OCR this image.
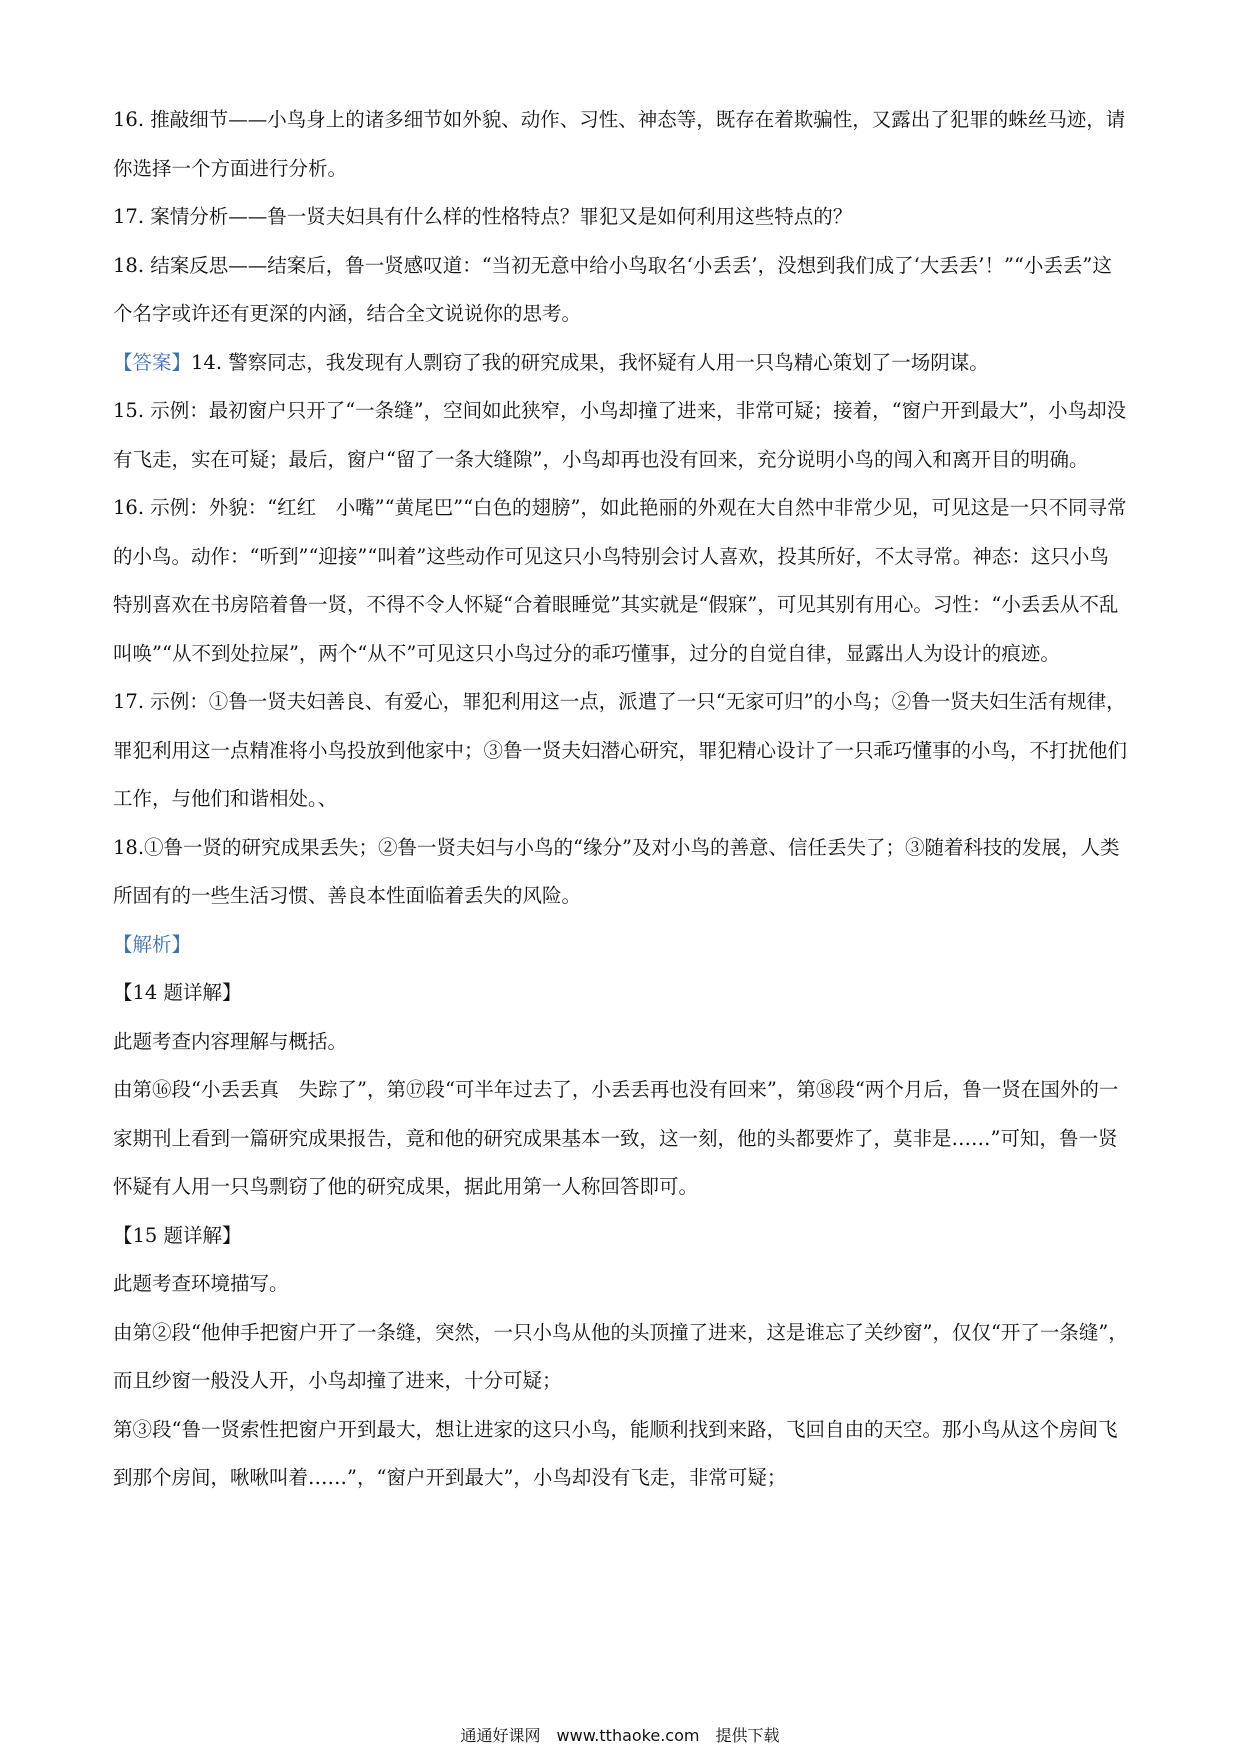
16. 推敲细节——小鸟身上的诸多细节如外貌、动作、习性、神态等，既存在着欺骗性，又露出了犯罪的蛛丝马迹，请你选择一个方面进行分析。

17. 案情分析——鲁一贤夫妇具有什么样的性格特点？罪犯又是如何利用这些特点的？

18. 结案反思——结案后，鲁一贤感叹道：“当初无意中给小鸟取名‘小丢丢’，没想到我们成了‘大丢丢’！”“小丢丢”这个名字或许还有更深的内涵，结合全文说说你的思考。

【答案】14. 警察同志，我发现有人剽窃了我的研究成果，我怀疑有人用一只鸟精心策划了一场阴谋。

15. 示例：最初窗户只开了“一条缝”，空间如此狭窄，小鸟却撞了进来，非常可疑；接着，“窗户开到最大”，小鸟却没有飞走，实在可疑；最后，窗户“留了一条大缝隙”，小鸟却再也没有回来，充分说明小鸟的闯入和离开目的明确。

16. 示例：外貌：“红红　小嘴”“黄尾巴”“白色的翅膀”，如此艳丽的外观在大自然中非常少见，可见这是一只不同寻常的小鸟。动作：“听到”“迎接”“叫着”这些动作可见这只小鸟特别会讨人喜欢，投其所好，不太寻常。神态：这只小鸟特别喜欢在书房陪着鲁一贤，不得不令人怀疑“合着眼睡觉”其实就是“假寐”，可见其别有用心。习性：“小丢丢从不乱叫唤”“从不到处拉屎”，两个“从不”可见这只小鸟过分的乖巧懂事，过分的自觉自律，显露出人为设计的痕迹。

17. 示例：①鲁一贤夫妇善良、有爱心，罪犯利用这一点，派遣了一只“无家可归”的小鸟；②鲁一贤夫妇生活有规律，罪犯利用这一点精准将小鸟投放到他家中；③鲁一贤夫妇潜心研究，罪犯精心设计了一只乖巧懂事的小鸟，不打扰他们工作，与他们和谐相处。、

18.①鲁一贤的研究成果丢失；②鲁一贤夫妇与小鸟的“缘分”及对小鸟的善意、信任丢失了；③随着科技的发展，人类所固有的一些生活习惯、善良本性面临着丢失的风险。

【解析】

【14 题详解】

此题考查内容理解与概括。

由第⑯段“小丢丢真　失踪了”，第⑰段“可半年过去了，小丢丢再也没有回来”，第⑱段“两个月后，鲁一贤在国外的一家期刊上看到一篇研究成果报告，竟和他的研究成果基本一致，这一刻，他的头都要炸了，莫非是……”可知，鲁一贤怀疑有人用一只鸟剽窃了他的研究成果，据此用第一人称回答即可。

【15 题详解】

此题考查环境描写。

由第②段“他伸手把窗户开了一条缝，突然，一只小鸟从他的头顶撞了进来，这是谁忘了关纱窗”，仅仅“开了一条缝”，而且纱窗一般没人开，小鸟却撞了进来，十分可疑；

第③段“鲁一贤索性把窗户开到最大，想让进家的这只小鸟，能顺利找到来路，飞回自由的天空。那小鸟从这个房间飞到那个房间，啾啾叫着……”，“窗户开到最大”，小鸟却没有飞走，非常可疑；

通通好课网　www.tthaoke.com　提供下载
